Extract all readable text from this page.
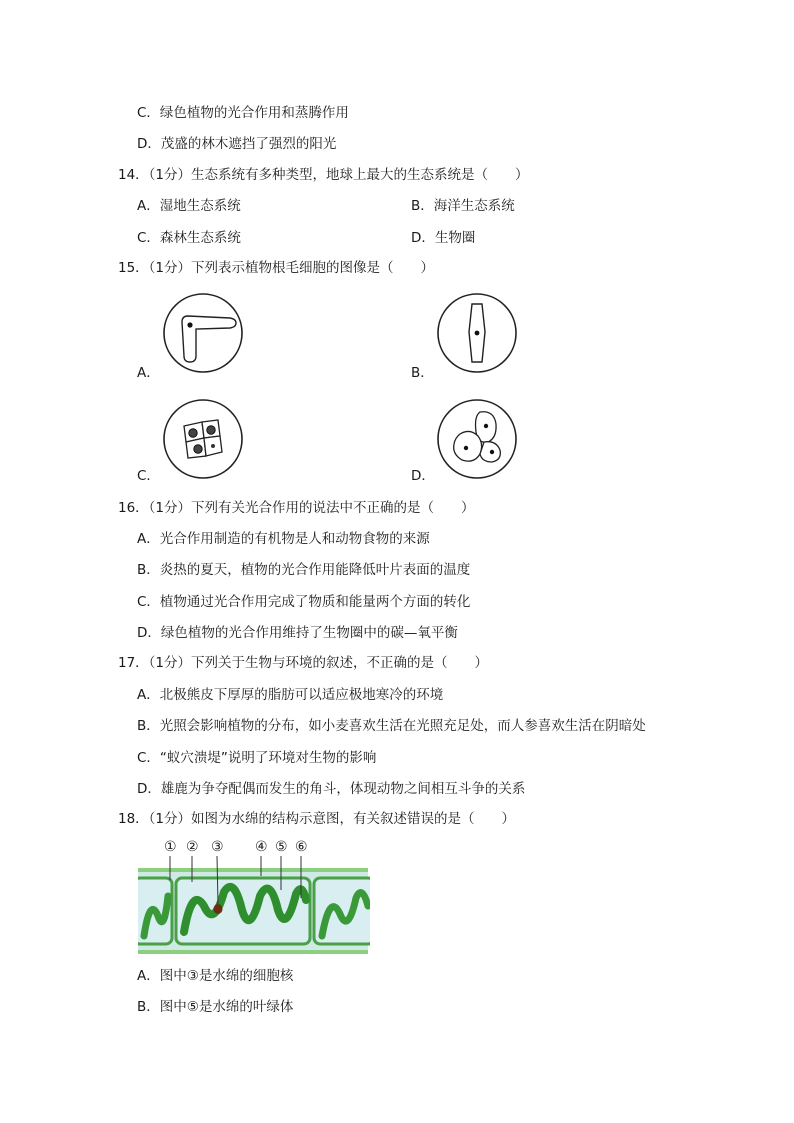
C．绿色植物的光合作用和蒸腾作用
D．茂盛的林木遮挡了强烈的阳光
14．（1分）生态系统有多种类型，地球上最大的生态系统是（　　）
A．湿地生态系统	B．海洋生态系统
C．森林生态系统	D．生物圈
15．（1分）下列表示植物根毛细胞的图像是（　　）
A．	B．
C．	D．
16．（1分）下列有关光合作用的说法中不正确的是（　　）
A．光合作用制造的有机物是人和动物食物的来源
B．炎热的夏天，植物的光合作用能降低叶片表面的温度
C．植物通过光合作用完成了物质和能量两个方面的转化
D．绿色植物的光合作用维持了生物圈中的碳—氧平衡
17．（1分）下列关于生物与环境的叙述，不正确的是（　　）
A．北极熊皮下厚厚的脂肪可以适应极地寒冷的环境
B．光照会影响植物的分布，如小麦喜欢生活在光照充足处，而人参喜欢生活在阴暗处
C．“蚁穴溃堤”说明了环境对生物的影响
D．雄鹿为争夺配偶而发生的角斗，体现动物之间相互斗争的关系
18．（1分）如图为水绵的结构示意图，有关叙述错误的是（　　）
① ② ③ ④ ⑤ ⑥
A．图中③是水绵的细胞核
B．图中⑤是水绵的叶绿体
